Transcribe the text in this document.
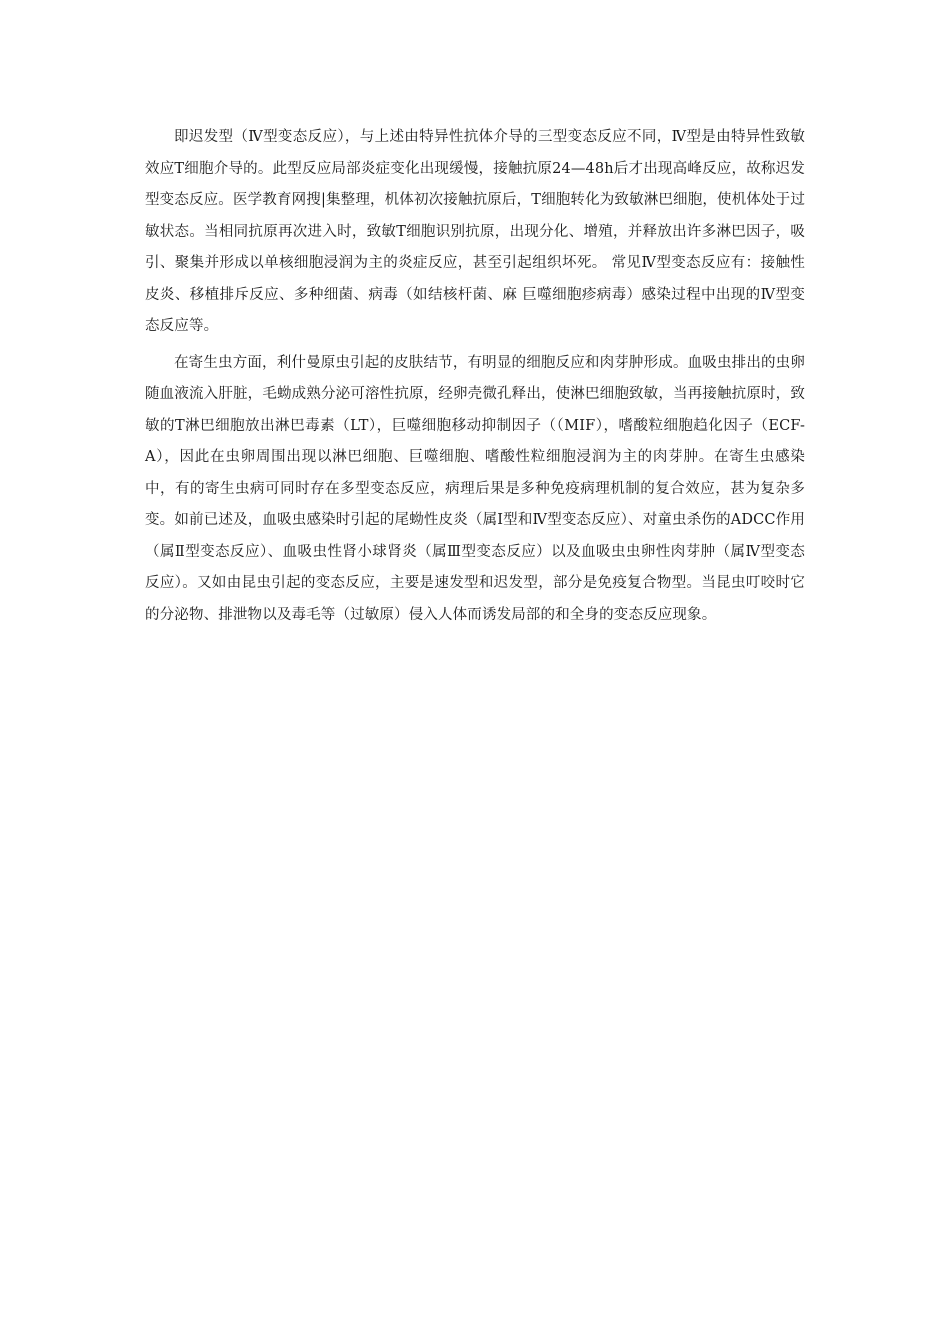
即迟发型（Ⅳ型变态反应），与上述由特异性抗体介导的三型变态反应不同，Ⅳ型是由特异性致敏效应T细胞介导的。此型反应局部炎症变化出现缓慢，接触抗原24—48h后才出现高峰反应，故称迟发型变态反应。医学教育网搜|集整理，机体初次接触抗原后，T细胞转化为致敏淋巴细胞，使机体处于过敏状态。当相同抗原再次进入时，致敏T细胞识别抗原，出现分化、增殖，并释放出许多淋巴因子，吸引、聚集并形成以单核细胞浸润为主的炎症反应，甚至引起组织坏死。 常见Ⅳ型变态反应有：接触性皮炎、移植排斥反应、多种细菌、病毒（如结核杆菌、麻 巨噬细胞疹病毒）感染过程中出现的Ⅳ型变态反应等。

在寄生虫方面，利什曼原虫引起的皮肤结节，有明显的细胞反应和肉芽肿形成。血吸虫排出的虫卵随血液流入肝脏，毛蚴成熟分泌可溶性抗原，经卵壳微孔释出，使淋巴细胞致敏，当再接触抗原时，致敏的T淋巴细胞放出淋巴毒素（LT），巨噬细胞移动抑制因子（（MIF），嗜酸粒细胞趋化因子（ECF-A），因此在虫卵周围出现以淋巴细胞、巨噬细胞、嗜酸性粒细胞浸润为主的肉芽肿。在寄生虫感染中，有的寄生虫病可同时存在多型变态反应，病理后果是多种免疫病理机制的复合效应，甚为复杂多变。如前已述及，血吸虫感染时引起的尾蚴性皮炎（属Ⅰ型和Ⅳ型变态反应）、对童虫杀伤的ADCC作用（属Ⅱ型变态反应）、血吸虫性肾小球肾炎（属Ⅲ型变态反应）以及血吸虫虫卵性肉芽肿（属Ⅳ型变态反应）。又如由昆虫引起的变态反应，主要是速发型和迟发型，部分是免疫复合物型。当昆虫叮咬时它的分泌物、排泄物以及毒毛等（过敏原）侵入人体而诱发局部的和全身的变态反应现象。
